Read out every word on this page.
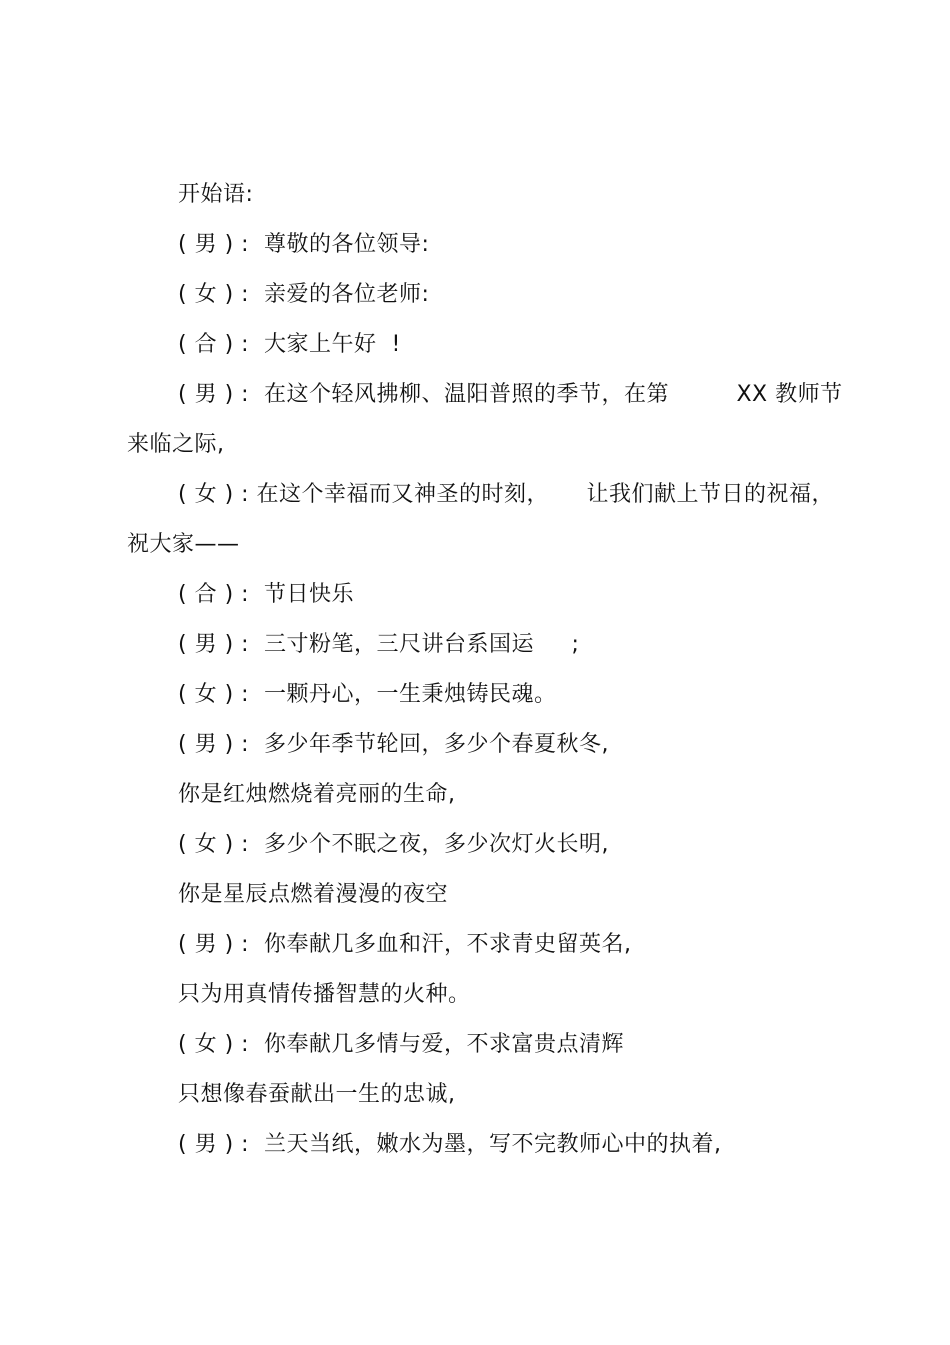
开始语:
( 男 ) :  尊敬的各位领导:
( 女 ) :  亲爱的各位老师:
( 合 ) :  大家上午好  !
( 男 ) :  在这个轻风拂柳、温阳普照的季节，在第         XX 教师节
来临之际,
( 女 ) : 在这个幸福而又神圣的时刻，     让我们献上节日的祝福，
祝大家——
( 合 ) :  节日快乐
( 男 ) :  三寸粉笔，三尺讲台系国运     ;
( 女 ) :  一颗丹心，一生秉烛铸民魂。
( 男 ) :  多少年季节轮回，多少个春夏秋冬,
你是红烛燃烧着亮丽的生命,
( 女 ) :  多少个不眠之夜，多少次灯火长明,
你是星辰点燃着漫漫的夜空
( 男 ) :  你奉献几多血和汗，不求青史留英名,
只为用真情传播智慧的火种。
( 女 ) :  你奉献几多情与爱，不求富贵点清辉
只想像春蚕献出一生的忠诚,
( 男 ) :  兰天当纸，嫩水为墨，写不完教师心中的执着,
